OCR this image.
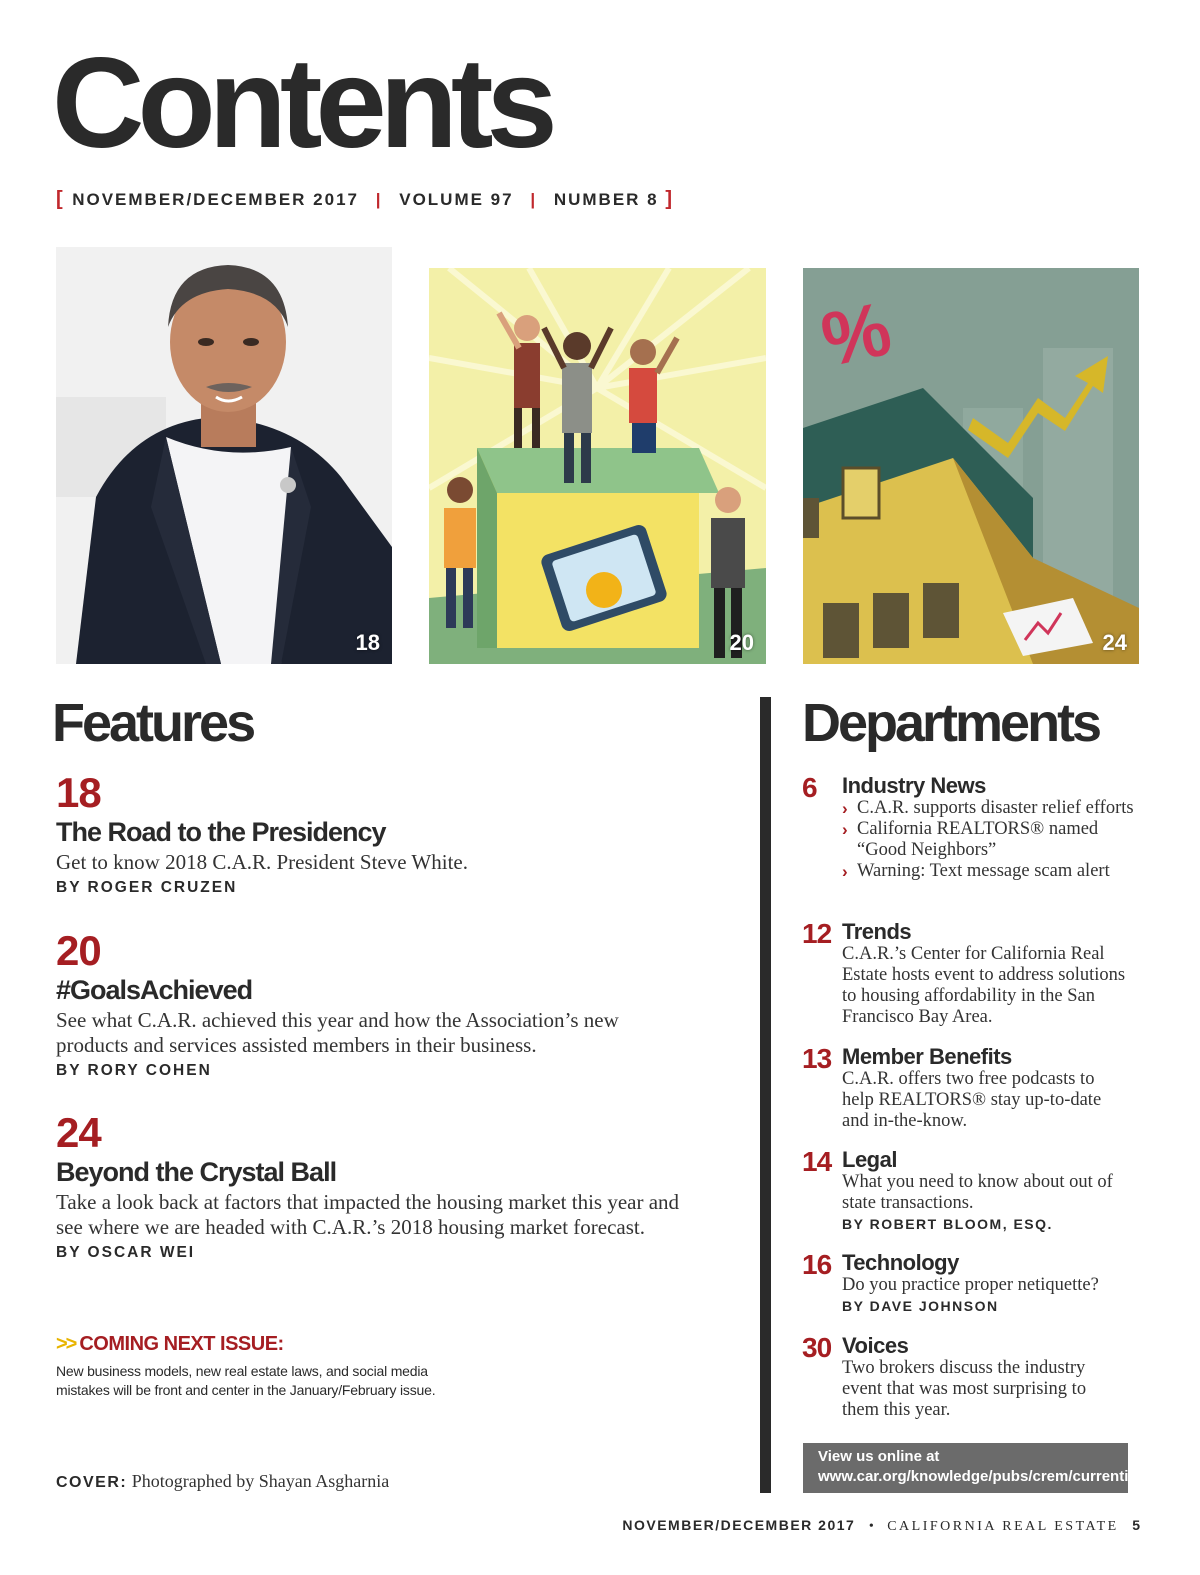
Contents
[ NOVEMBER/DECEMBER 2017 | VOLUME 97 | NUMBER 8 ]
18	20
%
24
Features
18
The Road to the Presidency
Get to know 2018 C.A.R. President Steve White.
BY ROGER CRUZEN
20
#GoalsAchieved
See what C.A.R. achieved this year and how the Association’s new products and services assisted members in their business.
BY RORY COHEN
24
Beyond the Crystal Ball
Take a look back at factors that impacted the housing market this year and see where we are headed with C.A.R.’s 2018 housing market forecast.
BY OSCAR WEI
>> COMING NEXT ISSUE:
New business models, new real estate laws, and social media mistakes will be front and center in the January/February issue.
COVER: Photographed by Shayan Asgharnia
Departments
6	Industry News
› C.A.R. supports disaster relief efforts
› California REALTORS® named “Good Neighbors”
› Warning: Text message scam alert
12 Trends
C.A.R.’s Center for California Real Estate hosts event to address solutions to housing affordability in the San Francisco Bay Area.
13 Member Benefits
C.A.R. offers two free podcasts to help REALTORS® stay up-to-date and in-the-know.
14 Legal
What you need to know about out of state transactions.
BY ROBERT BLOOM, ESQ.
16 Technology
Do you practice proper netiquette?
BY DAVE JOHNSON
30 Voices
Two brokers discuss the industry event that was most surprising to them this year.
View us online at www.car.org/knowledge/pubs/crem/currentissue
NOVEMBER/DECEMBER 2017 • CALIFORNIA REAL ESTATE 5
